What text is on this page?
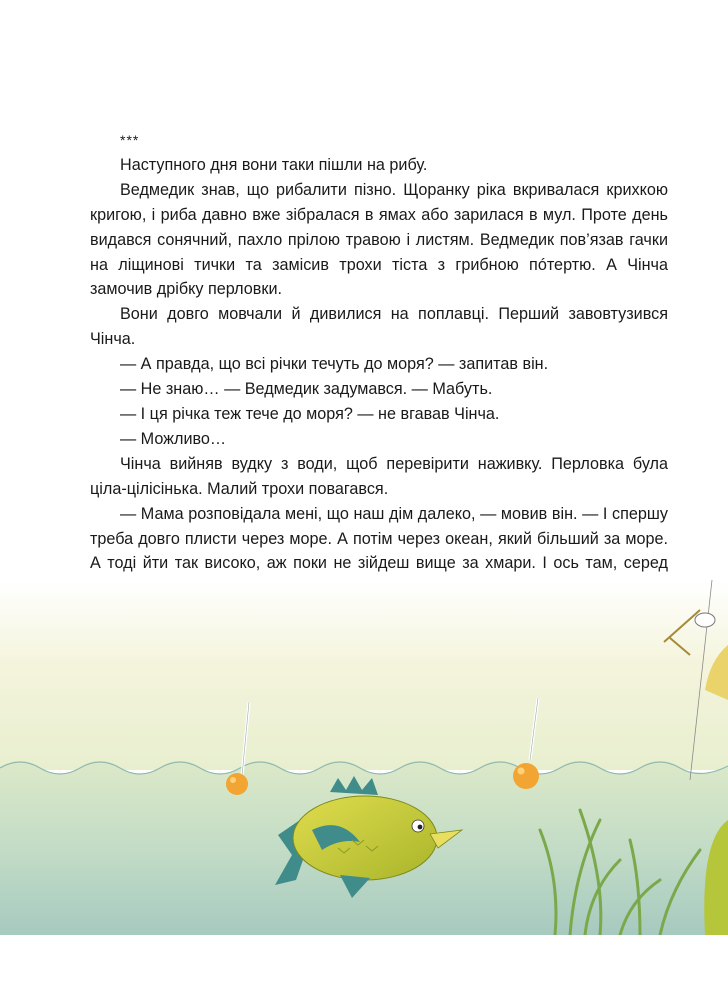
***

Наступного дня вони таки пішли на рибу.

Ведмедик знав, що рибалити пізно. Щоранку ріка вкривалася крихкою кригою, і риба давно вже зібралася в ямах або зарилася в мул. Проте день видався сонячний, пахло прілою травою і листям. Ведмедик пов’язав гачки на ліщинові тички та замісив трохи тіста з грибною пóтертю. А Чінча замочив дрібку перловки.

Вони довго мовчали й дивилися на поплавці. Перший завовтузився Чінча.

— А правда, що всі річки течуть до моря? — запитав він.

— Не знаю… — Ведмедик задумався. — Мабуть.

— І ця річка теж тече до моря? — не вгавав Чінча.

— Можливо…

Чінча вийняв вудку з води, щоб перевірити наживку. Перловка була ціла-цілісінька. Малий трохи повагався.

— Мама розповідала мені, що наш дім далеко, — мовив він. — І спершу треба довго плисти через море. А потім через океан, який більший за море. А тоді йти так високо, аж поки не зійдеш вище за хмари. І ось там, серед
